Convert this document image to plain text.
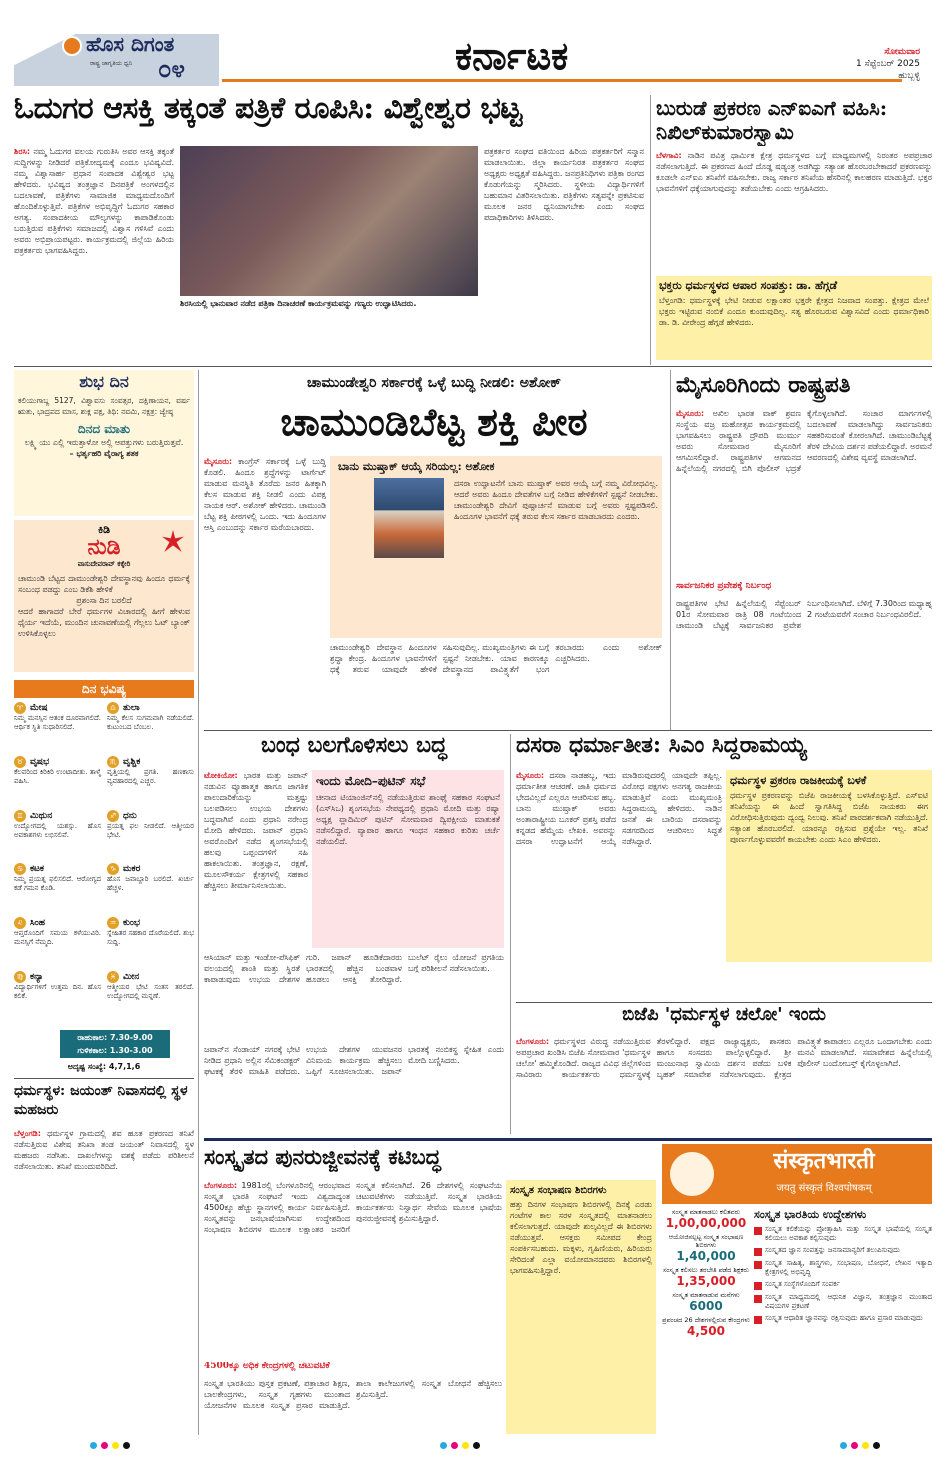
ಹೊಸ ದಿಗಂತ
ರಾಷ್ಟ್ರ ಜಾಗೃತಿಯ ಧ್ವನಿ	೦೪	ಕರ್ನಾಟಕ	ಸೋಮವಾರ
1 ಸೆಪ್ಟೆಂಬರ್ 2025
ಹುಬ್ಬಳ್ಳಿ
ಓದುಗರ ಆಸಕ್ತಿ ತಕ್ಕಂತೆ ಪತ್ರಿಕೆ ರೂಪಿಸಿ: ವಿಶ್ವೇಶ್ವರ ಭಟ್ಟ
ಶಿರಸಿ: ನಮ್ಮ ಓದುಗರ ವಲಯ ಗುರುತಿಸಿ ಅವರ ಆಸಕ್ತಿ ತಕ್ಕಂತೆ ಸುದ್ದಿಗಳನ್ನು ನೀಡಿದರೆ ಪತ್ರಿಕೋದ್ಯಮಕ್ಕೆ ಎಂದೂ ಭವಿಷ್ಯವಿದೆ. ನಮ್ಮ ವಿಶ್ವಾಸಾರ್ಹ ಪ್ರಧಾನ ಸಂಪಾದಕ ವಿಶ್ವೇಶ್ವರ ಭಟ್ಟ ಹೇಳಿದರು. ಭವಿಷ್ಯದ ತಂತ್ರಜ್ಞಾನ ದಿನಪತ್ರಿಕೆ ಅಂಗಳದಲ್ಲಿನ ಬದಲಾವಣೆ, ಪತ್ರಿಕೆಗಳು ಸಾಮಾಜಿಕ ಮಾಧ್ಯಮದೊಂದಿಗೆ ಹೊಂದಿಕೊಳ್ಳುತ್ತಿವೆ. ಪತ್ರಿಕೆಗಳ ಅಭಿವೃದ್ಧಿಗೆ ಓದುಗರ ಸಹಕಾರ ಅಗತ್ಯ. ಸಂಪಾದಕೀಯ ಮೌಲ್ಯಗಳನ್ನು ಕಾಪಾಡಿಕೊಂಡು ಬರುತ್ತಿರುವ ಪತ್ರಿಕೆಗಳು ಸಮಾಜದಲ್ಲಿ ವಿಶ್ವಾಸ ಗಳಿಸಿವೆ ಎಂದು ಅವರು ಅಭಿಪ್ರಾಯಪಟ್ಟರು. ಕಾರ್ಯಕ್ರಮದಲ್ಲಿ ಜಿಲ್ಲೆಯ ಹಿರಿಯ ಪತ್ರಕರ್ತರು ಭಾಗವಹಿಸಿದ್ದರು.
ಶಿರಸಿಯಲ್ಲಿ ಭಾನುವಾರ ನಡೆದ ಪತ್ರಿಕಾ ದಿನಾಚರಣೆ ಕಾರ್ಯಕ್ರಮವನ್ನು ಗಣ್ಯರು ಉದ್ಘಾಟಿಸಿದರು.
ಪತ್ರಕರ್ತರ ಸಂಘದ ವತಿಯಿಂದ ಹಿರಿಯ ಪತ್ರಕರ್ತರಿಗೆ ಸನ್ಮಾನ ಮಾಡಲಾಯಿತು. ಜಿಲ್ಲಾ ಕಾರ್ಯನಿರತ ಪತ್ರಕರ್ತರ ಸಂಘದ ಅಧ್ಯಕ್ಷರು ಅಧ್ಯಕ್ಷತೆ ವಹಿಸಿದ್ದರು. ಜನಪ್ರತಿನಿಧಿಗಳು ಪತ್ರಿಕಾ ರಂಗದ ಕೊಡುಗೆಯನ್ನು ಸ್ಮರಿಸಿದರು. ಸ್ಥಳೀಯ ವಿದ್ಯಾರ್ಥಿಗಳಿಗೆ ಬಹುಮಾನ ವಿತರಿಸಲಾಯಿತು. ಪತ್ರಿಕೆಗಳು ಸತ್ಯವನ್ನೇ ಪ್ರಕಟಿಸುವ ಮೂಲಕ ಜನರ ಧ್ವನಿಯಾಗಬೇಕು ಎಂದು ಸಂಘದ ಪದಾಧಿಕಾರಿಗಳು ತಿಳಿಸಿದರು.
ಬುರುಡೆ ಪ್ರಕರಣ ಎನ್‌ಐಎಗೆ ವಹಿಸಿ: ನಿಖಿಲ್‌ಕುಮಾರಸ್ವಾಮಿ
ಬೆಳಗಾವಿ: ನಾಡಿನ ಪವಿತ್ರ ಧಾರ್ಮಿಕ ಕ್ಷೇತ್ರ ಧರ್ಮಸ್ಥಳದ ಬಗ್ಗೆ ಮಾಧ್ಯಮಗಳಲ್ಲಿ ನಿರಂತರ ಅಪಪ್ರಚಾರ ನಡೆಸಲಾಗುತ್ತಿದೆ. ಈ ಪ್ರಕರಣದ ಹಿಂದೆ ದೊಡ್ಡ ಷಡ್ಯಂತ್ರ ಅಡಗಿದ್ದು ಸತ್ಯಾಂಶ ಹೊರಬರಬೇಕಾದರೆ ಪ್ರಕರಣವನ್ನು ಕೂಡಲೇ ಎನ್‌ಐಎ ತನಿಖೆಗೆ ವಹಿಸಬೇಕು. ರಾಜ್ಯ ಸರ್ಕಾರ ತನಿಖೆಯ ಹೆಸರಿನಲ್ಲಿ ಕಾಲಹರಣ ಮಾಡುತ್ತಿದೆ. ಭಕ್ತರ ಭಾವನೆಗಳಿಗೆ ಧಕ್ಕೆಯಾಗುವುದನ್ನು ತಡೆಯಬೇಕು ಎಂದು ಆಗ್ರಹಿಸಿದರು.
ಭಕ್ತರು ಧರ್ಮಸ್ಥಳದ ಆಪಾರ ಸಂಪತ್ತು: ಡಾ. ಹೆಗ್ಗಡೆ
ಬೆಳ್ತಂಗಡಿ: ಧರ್ಮಸ್ಥಳಕ್ಕೆ ಭೇಟಿ ನೀಡುವ ಲಕ್ಷಾಂತರ ಭಕ್ತರೇ ಕ್ಷೇತ್ರದ ನಿಜವಾದ ಸಂಪತ್ತು. ಕ್ಷೇತ್ರದ ಮೇಲೆ ಭಕ್ತರು ಇಟ್ಟಿರುವ ನಂಬಿಕೆ ಎಂದೂ ಕುಂದುವುದಿಲ್ಲ. ಸತ್ಯ ಹೊರಬರುವ ವಿಶ್ವಾಸವಿದೆ ಎಂದು ಧರ್ಮಾಧಿಕಾರಿ ಡಾ. ಡಿ. ವೀರೇಂದ್ರ ಹೆಗ್ಗಡೆ ಹೇಳಿದರು.
ಶುಭ ದಿನ
ಕಲಿಯುಗಾಬ್ದ 5127, ವಿಶ್ವಾವಸು ಸಂವತ್ಸರ, ದಕ್ಷಿಣಾಯನ, ವರ್ಷ ಋತು, ಭಾದ್ರಪದ ಮಾಸ, ಶುಕ್ಲ ಪಕ್ಷ, ತಿಥಿ: ನವಮಿ, ನಕ್ಷತ್ರ: ಜ್ಯೇಷ್ಠ
ದಿನದ ಮಾತು
ಲಕ್ಷ್ಮಿ ಯು ಎಲ್ಲಿ ಇರುತ್ತಾಳೋ ಅಲ್ಲಿ ಆಪತ್ತುಗಳು ಬರುತ್ತಿರುತ್ತವೆ.
– ಭರ್ತೃಹರಿ ವೈರಾಗ್ಯ ಶತಕ
ಕಿಡಿ
ನುಡಿ
ವಾಸುದೇವರಾವ್ ಕಕ್ಕೇರಿ
ಚಾಮುಂಡಿ ಬೆಟ್ಟದ ದಾಮುಂಡೇಶ್ವರಿ ದೇವಸ್ಥಾನವು ಹಿಂದೂ ಧರ್ಮಕ್ಕೆ ಸಂಬಂಧ ಪಡದ್ದು ಎಂಬ ಡಿಕೆಶಿ ಹೇಳಿಕೆ
ಪ್ರಶಂಸಾ ದಿನ ಬರಲಿದೆ
ಆದರೆ ಹಾಗಾದರೆ ಬೇರೆ ಧರ್ಮಗಳ ವಿಚಾರದಲ್ಲಿ ಹೀಗೆ ಹೇಳುವ ಧೈರ್ಯ ಇದೆಯೆ, ಮುಂದಿನ ಚುನಾವಣೆಯಲ್ಲಿ ಗೆಲ್ಲಲು ಓಟ್ ಬ್ಯಾಂಕ್ ಉಳಿಸಿಕೊಳ್ಳಲು
ದಿನ ಭವಿಷ್ಯ
♈ ಮೇಷ
ನಿಮ್ಮ ಮನಸ್ಸಿನ ಆತಂಕ ದೂರವಾಗಲಿದೆ. ಆರ್ಥಿಕ ಸ್ಥಿತಿ ಸುಧಾರಿಸಲಿದೆ.
♎ ತುಲಾ
ನಿಮ್ಮ ಕೆಲಸ ಸುಗಮವಾಗಿ ನಡೆಯಲಿದೆ. ಕುಟುಂಬದ ಬೆಂಬಲ.
♉ ವೃಷಭ
ಕೆಲವರಿಂದ ಕಿರಿಕಿರಿ ಉಂಟಾದೀತು. ತಾಳ್ಮೆ ವಹಿಸಿ.
♏ ವೃಶ್ಚಿಕ
ವೃತ್ತಿಯಲ್ಲಿ ಪ್ರಗತಿ. ಹಣಕಾಸು ವ್ಯವಹಾರದಲ್ಲಿ ಎಚ್ಚರ.
♊ ಮಿಥುನ
ಉದ್ಯೋಗದಲ್ಲಿ ಯಶಸ್ಸು. ಹೊಸ ಅವಕಾಶಗಳು ಲಭಿಸಲಿವೆ.
♐ ಧನು
ಪ್ರಯತ್ನ ಫಲ ನೀಡಲಿದೆ. ಆತ್ಮೀಯರ ಭೇಟಿ.
♋ ಕಟಕ
ನಿಮ್ಮ ಪ್ರಯತ್ನ ಫಲಿಸಲಿದೆ. ಆರೋಗ್ಯದ ಕಡೆ ಗಮನ ಕೊಡಿ.
♑ ಮಕರ
ಹೊಸ ಜವಾಬ್ದಾರಿ ಬರಲಿದೆ. ಖರ್ಚು ಹೆಚ್ಚಳ.
♌ ಸಿಂಹ
ಆಪ್ತರೊಂದಿಗೆ ಸಮಯ ಕಳೆಯುವಿರಿ. ಮನಸ್ಸಿಗೆ ನೆಮ್ಮದಿ.
♒ ಕುಂಭ
ಸ್ನೇಹಿತರ ಸಹಕಾರ ದೊರೆಯಲಿದೆ. ಶುಭ ಸುದ್ದಿ.
♍ ಕನ್ಯಾ
ವಿದ್ಯಾರ್ಥಿಗಳಿಗೆ ಉತ್ತಮ ದಿನ. ಹೊಸ ಕಲಿಕೆ.
♓ ಮೀನ
ಆತ್ಮೀಯರ ಭೇಟಿ ಸಂತಸ ತರಲಿದೆ. ಉದ್ಯೋಗದಲ್ಲಿ ಮನ್ನಣೆ.
ರಾಹುಕಾಲ: 7.30-9.00
ಗುಳಿಕಕಾಲ: 1.30-3.00
ಅದೃಷ್ಟ ಸಂಖ್ಯೆ: 4,7,1,6
ಧರ್ಮಸ್ಥಳ: ಜಯಂತ್ ನಿವಾಸದಲ್ಲಿ ಸ್ಥಳ ಮಹಜರು
ಬೆಳ್ತಂಗಡಿ: ಧರ್ಮಸ್ಥಳ ಗ್ರಾಮದಲ್ಲಿ ಶವ ಹೂತ ಪ್ರಕರಣದ ತನಿಖೆ ನಡೆಸುತ್ತಿರುವ ವಿಶೇಷ ತನಿಖಾ ತಂಡ ಜಯಂತ್ ನಿವಾಸದಲ್ಲಿ ಸ್ಥಳ ಮಹಜರು ನಡೆಸಿತು. ದಾಖಲೆಗಳನ್ನು ವಶಕ್ಕೆ ಪಡೆದು ಪರಿಶೀಲನೆ ನಡೆಸಲಾಯಿತು. ತನಿಖೆ ಮುಂದುವರಿದಿದೆ.
ಚಾಮುಂಡೇಶ್ವರಿ ಸರ್ಕಾರಕ್ಕೆ ಒಳ್ಳೆ ಬುದ್ಧಿ ನೀಡಲಿ: ಅಶೋಕ್
ಚಾಮುಂಡಿಬೆಟ್ಟ ಶಕ್ತಿ ಪೀಠ
ಮೈಸೂರು: ಕಾಂಗ್ರೆಸ್ ಸರ್ಕಾರಕ್ಕೆ ಒಳ್ಳೆ ಬುದ್ಧಿ ಕೊಡಲಿ. ಹಿಂದೂ ಶ್ರದ್ಧೆಗಳನ್ನು ಟಾರ್ಗೆಟ್ ಮಾಡುವ ಮನಸ್ಥಿತಿ ತೊರೆದು ಜನರ ಹಿತಕ್ಕಾಗಿ ಕೆಲಸ ಮಾಡುವ ಶಕ್ತಿ ನೀಡಲಿ ಎಂದು ವಿಪಕ್ಷ ನಾಯಕ ಆರ್. ಅಶೋಕ್ ಹೇಳಿದರು. ಚಾಮುಂಡಿ ಬೆಟ್ಟ ಶಕ್ತಿ ಪೀಠಗಳಲ್ಲಿ ಒಂದು. ಇದು ಹಿಂದೂಗಳ ಆಸ್ತಿ ಎಂಬುದನ್ನು ಸರ್ಕಾರ ಮರೆಯಬಾರದು.
ಬಾನು ಮುಷ್ತಾಕ್ ಆಯ್ಕೆ ಸರಿಯಲ್ಲ: ಅಶೋಕ
ದಸರಾ ಉದ್ಘಾಟನೆಗೆ ಬಾನು ಮುಷ್ತಾಕ್ ಅವರ ಆಯ್ಕೆ ಬಗ್ಗೆ ನಮ್ಮ ವಿರೋಧವಿಲ್ಲ. ಆದರೆ ಅವರು ಹಿಂದೂ ದೇವತೆಗಳ ಬಗ್ಗೆ ನೀಡಿದ ಹೇಳಿಕೆಗಳಿಗೆ ಸ್ಪಷ್ಟನೆ ನೀಡಬೇಕು. ಚಾಮುಂಡೇಶ್ವರಿ ದೇವಿಗೆ ಪುಷ್ಪಾರ್ಚನೆ ಮಾಡುವ ಬಗ್ಗೆ ಅವರು ಸ್ಪಷ್ಟಪಡಿಸಲಿ. ಹಿಂದೂಗಳ ಭಾವನೆಗೆ ಧಕ್ಕೆ ತರುವ ಕೆಲಸ ಸರ್ಕಾರ ಮಾಡಬಾರದು ಎಂದರು.
ಚಾಮುಂಡೇಶ್ವರಿ ದೇವಸ್ಥಾನ ಹಿಂದೂಗಳ ಶ್ರದ್ಧಾ ಕೇಂದ್ರ. ಹಿಂದೂಗಳ ಭಾವನೆಗಳಿಗೆ ಧಕ್ಕೆ ತರುವ ಯಾವುದೇ ಹೇಳಿಕೆ ಸಹಿಸುವುದಿಲ್ಲ. ಮುಖ್ಯಮಂತ್ರಿಗಳು ಈ ಬಗ್ಗೆ ಸ್ಪಷ್ಟನೆ ನೀಡಬೇಕು. ಯಾವ ಕಾರಣಕ್ಕೂ ದೇವಸ್ಥಾನದ ಪಾವಿತ್ರ್ಯತೆಗೆ ಭಂಗ ತರಬಾರದು ಎಂದು ಅಶೋಕ್ ಎಚ್ಚರಿಸಿದರು.
ಮೈಸೂರಿಗಿಂದು ರಾಷ್ಟ್ರಪತಿ
ಮೈಸೂರು: ಅಖಿಲ ಭಾರತ ವಾಕ್ ಶ್ರವಣ ಸಂಸ್ಥೆಯ ವಜ್ರ ಮಹೋತ್ಸವ ಕಾರ್ಯಕ್ರಮದಲ್ಲಿ ಭಾಗವಹಿಸಲು ರಾಷ್ಟ್ರಪತಿ ದ್ರೌಪದಿ ಮುರ್ಮು ಅವರು ಸೋಮವಾರ ಮೈಸೂರಿಗೆ ಆಗಮಿಸಲಿದ್ದಾರೆ. ರಾಷ್ಟ್ರಪತಿಗಳ ಆಗಮನದ ಹಿನ್ನೆಲೆಯಲ್ಲಿ ನಗರದಲ್ಲಿ ಬಿಗಿ ಪೊಲೀಸ್ ಭದ್ರತೆ ಕೈಗೊಳ್ಳಲಾಗಿದೆ. ಸಂಚಾರ ಮಾರ್ಗಗಳಲ್ಲಿ ಬದಲಾವಣೆ ಮಾಡಲಾಗಿದ್ದು ಸಾರ್ವಜನಿಕರು ಸಹಕರಿಸುವಂತೆ ಕೋರಲಾಗಿದೆ. ಚಾಮುಂಡಿಬೆಟ್ಟಕ್ಕೆ ತೆರಳಿ ದೇವಿಯ ದರ್ಶನ ಪಡೆಯಲಿದ್ದಾರೆ. ಅರಮನೆ ಆವರಣದಲ್ಲಿ ವಿಶೇಷ ವ್ಯವಸ್ಥೆ ಮಾಡಲಾಗಿದೆ.
ಸಾರ್ವಜನಿಕರ ಪ್ರವೇಶಕ್ಕೆ ನಿರ್ಬಂಧ
ರಾಷ್ಟ್ರಪತಿಗಳ ಭೇಟಿ ಹಿನ್ನೆಲೆಯಲ್ಲಿ ಸೆಪ್ಟೆಂಬರ್ 01ರ ಸೋಮವಾರ ರಾತ್ರಿ 08 ಗಂಟೆಯಿಂದ ಚಾಮುಂಡಿ ಬೆಟ್ಟಕ್ಕೆ ಸಾರ್ವಜನಿಕರ ಪ್ರವೇಶ ನಿರ್ಬಂಧಿಸಲಾಗಿದೆ. ಬೆಳಿಗ್ಗೆ 7.30ರಿಂದ ಮಧ್ಯಾಹ್ನ 2 ಗಂಟೆಯವರೆಗೆ ಸಂಚಾರ ನಿರ್ಬಂಧವಿರಲಿದೆ.
ಬಂಧ ಬಲಗೊಳಿಸಲು ಬದ್ಧ
ಟೋಕಿಯೋ: ಭಾರತ ಮತ್ತು ಜಪಾನ್ ನಡುವಿನ ವ್ಯೂಹಾತ್ಮಕ ಹಾಗೂ ಜಾಗತಿಕ ಪಾಲುದಾರಿಕೆಯನ್ನು ಮತ್ತಷ್ಟು ಬಲಪಡಿಸಲು ಉಭಯ ದೇಶಗಳು ಬದ್ಧವಾಗಿವೆ ಎಂದು ಪ್ರಧಾನಿ ನರೇಂದ್ರ ಮೋದಿ ಹೇಳಿದರು. ಜಪಾನ್ ಪ್ರಧಾನಿ ಅವರೊಂದಿಗೆ ನಡೆದ ಶೃಂಗಸಭೆಯಲ್ಲಿ ಹಲವು ಒಪ್ಪಂದಗಳಿಗೆ ಸಹಿ ಹಾಕಲಾಯಿತು. ತಂತ್ರಜ್ಞಾನ, ರಕ್ಷಣೆ, ಮೂಲಸೌಕರ್ಯ ಕ್ಷೇತ್ರಗಳಲ್ಲಿ ಸಹಕಾರ ಹೆಚ್ಚಿಸಲು ತೀರ್ಮಾನಿಸಲಾಯಿತು.
ಇಂದು ಮೋದಿ–ಪುಟಿನ್ ಸಭೆ
ಚೀನಾದ ಟಿಯಾಂಜಿನ್‌ನಲ್ಲಿ ನಡೆಯುತ್ತಿರುವ ಶಾಂಘೈ ಸಹಕಾರ ಸಂಘಟನೆ (ಎಸ್‌ಸಿಒ) ಶೃಂಗಸಭೆಯ ನೇಪಥ್ಯದಲ್ಲಿ ಪ್ರಧಾನಿ ಮೋದಿ ಮತ್ತು ರಷ್ಯಾ ಅಧ್ಯಕ್ಷ ವ್ಲಾದಿಮಿರ್ ಪುಟಿನ್ ಸೋಮವಾರ ದ್ವಿಪಕ್ಷೀಯ ಮಾತುಕತೆ ನಡೆಸಲಿದ್ದಾರೆ. ವ್ಯಾಪಾರ ಹಾಗೂ ಇಂಧನ ಸಹಕಾರ ಕುರಿತು ಚರ್ಚೆ ನಡೆಯಲಿದೆ.
ಆಸಿಯಾನ್ ಮತ್ತು ಇಂಡೋ-ಪೆಸಿಫಿಕ್ ವಲಯದಲ್ಲಿ ಶಾಂತಿ ಮತ್ತು ಸ್ಥಿರತೆ ಕಾಪಾಡುವುದು ಉಭಯ ದೇಶಗಳ ಗುರಿ. ಜಪಾನ್ ಹೂಡಿಕೆದಾರರು ಭಾರತದಲ್ಲಿ ಹೆಚ್ಚಿನ ಬಂಡವಾಳ ಹೂಡಲು ಆಸಕ್ತಿ ತೋರಿದ್ದಾರೆ. ಬುಲೆಟ್ ರೈಲು ಯೋಜನೆ ಪ್ರಗತಿಯ ಬಗ್ಗೆ ಪರಿಶೀಲನೆ ನಡೆಸಲಾಯಿತು.
ಜಪಾನ್‌ನ ಸೆಂಡಾಯ್ ನಗರಕ್ಕೆ ಭೇಟಿ ನೀಡಿದ ಪ್ರಧಾನಿ ಅಲ್ಲಿನ ಸೆಮಿಕಂಡಕ್ಟರ್ ಘಟಕಕ್ಕೆ ತೆರಳಿ ಮಾಹಿತಿ ಪಡೆದರು. ಉಭಯ ದೇಶಗಳ ಯುವಜನರ ವಿನಿಮಯ ಕಾರ್ಯಕ್ರಮ ಹೆಚ್ಚಿಸಲು ಒಪ್ಪಿಗೆ ಸೂಚಿಸಲಾಯಿತು. ಜಪಾನ್ ಭಾರತಕ್ಕೆ ನಂಬಿಕಸ್ಥ ಸ್ನೇಹಿತ ಎಂದು ಮೋದಿ ಬಣ್ಣಿಸಿದರು.
ದಸರಾ ಧರ್ಮಾತೀತ: ಸಿಎಂ ಸಿದ್ದರಾಮಯ್ಯ
ಮೈಸೂರು: ದಸರಾ ನಾಡಹಬ್ಬ, ಇದು ಧರ್ಮಾತೀತ ಆಚರಣೆ. ಜಾತಿ ಧರ್ಮದ ಭೇದವಿಲ್ಲದೆ ಎಲ್ಲರೂ ಆಚರಿಸುವ ಹಬ್ಬ. ಬಾನು ಮುಷ್ತಾಕ್ ಅವರು ಅಂತಾರಾಷ್ಟ್ರೀಯ ಬೂಕರ್ ಪ್ರಶಸ್ತಿ ಪಡೆದ ಕನ್ನಡದ ಹೆಮ್ಮೆಯ ಲೇಖಕಿ. ಅವರನ್ನು ದಸರಾ ಉದ್ಘಾಟನೆಗೆ ಆಯ್ಕೆ ಮಾಡಿರುವುದರಲ್ಲಿ ಯಾವುದೇ ತಪ್ಪಿಲ್ಲ. ವಿರೋಧ ಪಕ್ಷಗಳು ಅನಗತ್ಯ ರಾಜಕೀಯ ಮಾಡುತ್ತಿವೆ ಎಂದು ಮುಖ್ಯಮಂತ್ರಿ ಸಿದ್ದರಾಮಯ್ಯ ಹೇಳಿದರು. ನಾಡಿನ ಜನತೆ ಈ ಬಾರಿಯ ದಸರಾವನ್ನು ಸಡಗರದಿಂದ ಆಚರಿಸಲು ಸಿದ್ಧತೆ ನಡೆಸಿದ್ದಾರೆ.
ಧರ್ಮಸ್ಥಳ ಪ್ರಕರಣ ರಾಜಕೀಯಕ್ಕೆ ಬಳಕೆ
ಧರ್ಮಸ್ಥಳ ಪ್ರಕರಣವನ್ನು ಬಿಜೆಪಿ ರಾಜಕೀಯಕ್ಕೆ ಬಳಸಿಕೊಳ್ಳುತ್ತಿದೆ. ಎಸ್ಐಟಿ ತನಿಖೆಯನ್ನು ಈ ಹಿಂದೆ ಸ್ವಾಗತಿಸಿದ್ದ ಬಿಜೆಪಿ ನಾಯಕರು ಈಗ ವಿರೋಧಿಸುತ್ತಿರುವುದು ದ್ವಂದ್ವ ನಿಲುವು. ತನಿಖೆ ಪಾರದರ್ಶಕವಾಗಿ ನಡೆಯುತ್ತಿದೆ. ಸತ್ಯಾಂಶ ಹೊರಬರಲಿದೆ. ಯಾರನ್ನೂ ರಕ್ಷಿಸುವ ಪ್ರಶ್ನೆಯೇ ಇಲ್ಲ. ತನಿಖೆ ಪೂರ್ಣಗೊಳ್ಳುವವರೆಗೆ ಕಾಯಬೇಕು ಎಂದು ಸಿಎಂ ಹೇಳಿದರು.
ಬಿಜೆಪಿ 'ಧರ್ಮಸ್ಥಳ ಚಲೋ' ಇಂದು
ಬೆಂಗಳೂರು: ಧರ್ಮಸ್ಥಳದ ವಿರುದ್ಧ ನಡೆಯುತ್ತಿರುವ ಅಪಪ್ರಚಾರ ಖಂಡಿಸಿ ಬಿಜೆಪಿ ಸೋಮವಾರ 'ಧರ್ಮಸ್ಥಳ ಚಲೋ' ಹಮ್ಮಿಕೊಂಡಿದೆ. ರಾಜ್ಯದ ವಿವಿಧ ಜಿಲ್ಲೆಗಳಿಂದ ಸಾವಿರಾರು ಕಾರ್ಯಕರ್ತರು ಧರ್ಮಸ್ಥಳಕ್ಕೆ ತೆರಳಲಿದ್ದಾರೆ. ಪಕ್ಷದ ರಾಜ್ಯಾಧ್ಯಕ್ಷರು, ಶಾಸಕರು ಹಾಗೂ ಸಂಸದರು ಪಾಲ್ಗೊಳ್ಳಲಿದ್ದಾರೆ. ಶ್ರೀ ಮಂಜುನಾಥ ಸ್ವಾಮಿಯ ದರ್ಶನ ಪಡೆದು ಬಳಿಕ ಬೃಹತ್ ಸಮಾವೇಶ ನಡೆಸಲಾಗುವುದು. ಕ್ಷೇತ್ರದ ಪಾವಿತ್ರ್ಯತೆ ಕಾಪಾಡಲು ಎಲ್ಲರೂ ಒಂದಾಗಬೇಕು ಎಂದು ಮನವಿ ಮಾಡಲಾಗಿದೆ. ಸಮಾವೇಶದ ಹಿನ್ನೆಲೆಯಲ್ಲಿ ಪೊಲೀಸ್ ಬಂದೋಬಸ್ತ್ ಕೈಗೊಳ್ಳಲಾಗಿದೆ.
ಸಂಸ್ಕೃತದ ಪುನರುಜ್ಜೀವನಕ್ಕೆ ಕಟಿಬದ್ಧ
ಬೆಂಗಳೂರು: 1981ರಲ್ಲಿ ಬೆಂಗಳೂರಿನಲ್ಲಿ ಆರಂಭವಾದ ಸಂಸ್ಕೃತ ಭಾರತಿ ಸಂಘಟನೆ ಇಂದು ವಿಶ್ವದಾದ್ಯಂತ 4500ಕ್ಕೂ ಹೆಚ್ಚು ಸ್ಥಾನಗಳಲ್ಲಿ ಕಾರ್ಯ ನಿರ್ವಹಿಸುತ್ತಿದೆ. ಸಂಸ್ಕೃತವನ್ನು ಜನಭಾಷೆಯಾಗಿಸುವ ಉದ್ದೇಶದಿಂದ ಸಂಭಾಷಣ ಶಿಬಿರಗಳ ಮೂಲಕ ಲಕ್ಷಾಂತರ ಜನರಿಗೆ ಸಂಸ್ಕೃತ ಕಲಿಸಲಾಗಿದೆ. 26 ದೇಶಗಳಲ್ಲಿ ಸಂಘಟನೆಯ ಚಟುವಟಿಕೆಗಳು ನಡೆಯುತ್ತಿವೆ. ಸಂಸ್ಕೃತ ಭಾರತಿಯ ಕಾರ್ಯಕರ್ತರು ನಿಸ್ವಾರ್ಥ ಸೇವೆಯ ಮೂಲಕ ಭಾಷೆಯ ಪುನರುಜ್ಜೀವನಕ್ಕೆ ಶ್ರಮಿಸುತ್ತಿದ್ದಾರೆ.
4500ಕ್ಕೂ ಅಧಿಕ ಕೇಂದ್ರಗಳಲ್ಲಿ ಚಟುವಟಿಕೆ
ಸಂಸ್ಕೃತ ಭಾರತಿಯು ಪುಸ್ತಕ ಪ್ರಕಟಣೆ, ಪತ್ರಾಚಾರ ಶಿಕ್ಷಣ, ಬಾಲಕೇಂದ್ರಗಳು, ಸಂಸ್ಕೃತ ಗೃಹಗಳು ಮುಂತಾದ ಯೋಜನೆಗಳ ಮೂಲಕ ಸಂಸ್ಕೃತ ಪ್ರಸಾರ ಮಾಡುತ್ತಿದೆ. ಶಾಲಾ ಕಾಲೇಜುಗಳಲ್ಲಿ ಸಂಸ್ಕೃತ ಬೋಧನೆ ಹೆಚ್ಚಿಸಲು ಶ್ರಮಿಸುತ್ತಿದೆ.
ಸಂಸ್ಕೃತ ಸಂಭಾಷಣ ಶಿಬಿರಗಳು
ಹತ್ತು ದಿನಗಳ ಸಂಭಾಷಣ ಶಿಬಿರಗಳಲ್ಲಿ ದಿನಕ್ಕೆ ಎರಡು ಗಂಟೆಗಳ ಕಾಲ ಸರಳ ಸಂಸ್ಕೃತದಲ್ಲಿ ಮಾತನಾಡಲು ಕಲಿಸಲಾಗುತ್ತದೆ. ಯಾವುದೇ ಶುಲ್ಕವಿಲ್ಲದೆ ಈ ಶಿಬಿರಗಳು ನಡೆಯುತ್ತವೆ. ಆಸಕ್ತರು ಸಮೀಪದ ಕೇಂದ್ರ ಸಂಪರ್ಕಿಸಬಹುದು. ಮಕ್ಕಳು, ಗೃಹಿಣಿಯರು, ಹಿರಿಯರು ಸೇರಿದಂತೆ ಎಲ್ಲಾ ವಯೋಮಾನದವರು ಶಿಬಿರಗಳಲ್ಲಿ ಭಾಗವಹಿಸುತ್ತಿದ್ದಾರೆ.
संस्कृतभारती
जयतु संस्कृतं विश्वपोषकम्
ಸಂಸ್ಕೃತ ಮಾತನಾಡಲು ಕಲಿತವರು
1,00,00,000
ಆಯೋಜಿಸಲ್ಪಟ್ಟ ಸಂಸ್ಕೃತ ಸಂಭಾಷಣ ಶಿಬಿರಗಳು
1,40,000
ಸಂಸ್ಕೃತ ಕಲಿಸಲು ತರಬೇತಿ ಪಡೆದ ಶಿಕ್ಷಕರು
1,35,000
ಸಂಸ್ಕೃತ ಮಾತನಾಡುವ ಮನೆಗಳು
6000
ಪ್ರಪಂಚದ 26 ದೇಶಗಳಲ್ಲಿರುವ ಕೇಂದ್ರಗಳು
4,500
ಸಂಸ್ಕೃತ ಭಾರತಿಯ ಉದ್ದೇಶಗಳು
ಸಂಸ್ಕೃತ ಕಲಿಕೆಯನ್ನು ಪ್ರೋತ್ಸಾಹಿಸಿ ಮತ್ತು ಸಂಸ್ಕೃತ ಭಾಷೆಯಲ್ಲಿ ಸಂಸ್ಕೃತ ಕಲಿಯಲು ಅವಕಾಶ ಕಲ್ಪಿಸುವುದು
ಸಂಸ್ಕೃತದ ಜ್ಞಾನ ಸಂಪತ್ತನ್ನು ಜನಸಾಮಾನ್ಯರಿಗೆ ತಲುಪಿಸುವುದು
ಸಂಸ್ಕೃತ ಸಾಹಿತ್ಯ, ಶಾಸ್ತ್ರಗಳು, ಸಂಭಾಷಣ, ಬೋಧನೆ, ಲೇಖನ ಇತ್ಯಾದಿ ಕ್ಷೇತ್ರಗಳಲ್ಲಿ ಅಭಿವೃದ್ಧಿ
ಸಂಸ್ಕೃತ ಸಂಸ್ಥೆಗಳೊಂದಿಗೆ ಸಂಪರ್ಕ
ಸಂಸ್ಕೃತ ಮಾಧ್ಯಮದಲ್ಲಿ ಆಧುನಿಕ ವಿಜ್ಞಾನ, ತಂತ್ರಜ್ಞಾನ ಮುಂತಾದ ವಿಷಯಗಳ ಪ್ರಕಟಣೆ
ಸಂಸ್ಕೃತ ಆಧಾರಿತ ಜ್ಞಾನವನ್ನು ರಕ್ಷಿಸುವುದು ಹಾಗೂ ಪ್ರಸಾರ ಮಾಡುವುದು
